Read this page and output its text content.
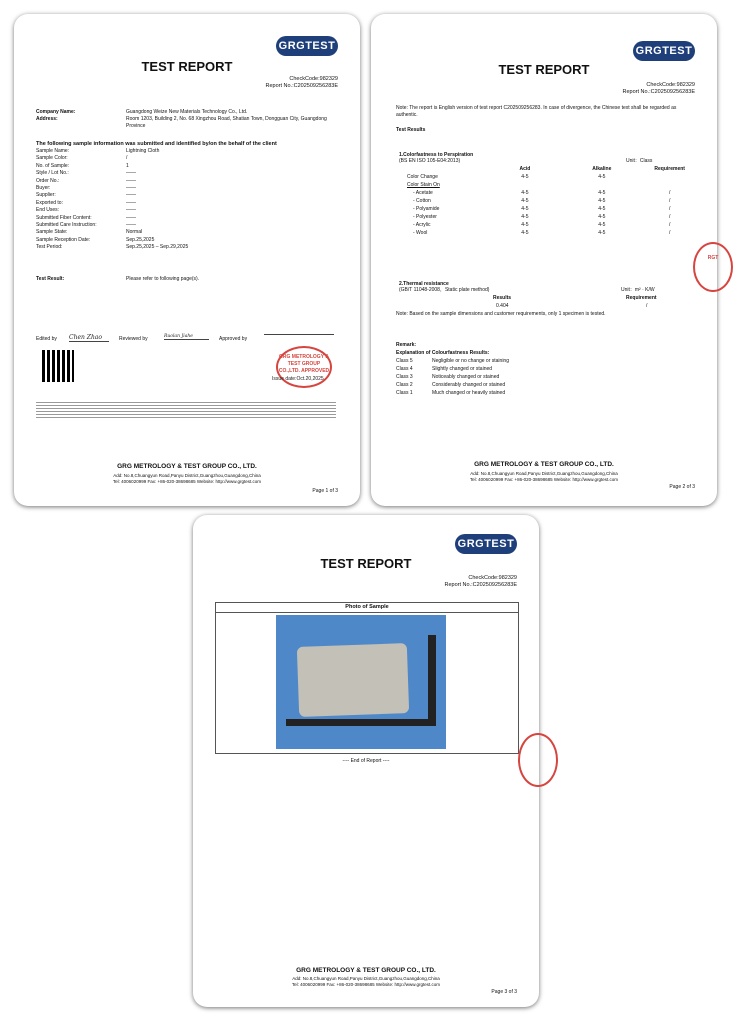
GRGTEST
TEST REPORT
CheckCode:982329
Report No.:C202509256283E
Company Name:	Guangdong Weize New Materials Technology Co., Ltd.
Address:	Room 1203, Building 2, No. 68 Xingzhou Road, Shatian Town, Dongguan City, Guangdong Province
The following sample information was submitted and identified by/on the behalf of the client
Sample Name:	Lightning Cloth
Sample Color:	/
No. of Sample:	1
Style / Lot No.:	——
Order No.:	——
Buyer:	——
Supplier:	——
Exported to:	——
End Uses:	——
Submitted Fiber Content:	——
Submitted Care Instruction:	——
Sample State:	Normal
Sample Reception Date:	Sep.25,2025
Test Period:	Sep.25,2025 – Sep.29,2025
Test Result:	Please refer to following page(s).
Edited by Chen Zhao	Reviewed by	Ruolan Jiahe	Approved by
GRG METROLOGY & TEST GROUP CO.,LTD. APPROVED
Issue date:Oct.20,2025
GRG METROLOGY & TEST GROUP CO., LTD.
Add: No.8,Chuangyun Road,Panyu District,Guangzhou,Guangdong,China
Tel: 4006020999 Fax: +86-020-38698685 Website: http://www.grgtest.com
Page 1 of 3
GRGTEST
TEST REPORT
CheckCode:982329
Report No.:C202509256283E
Note: The report is English version of test report C202509256283. In case of divergence, the Chinese text shall be regarded as authentic.
Test Results
1.Colorfastness to Perspiration
(BS EN ISO 105-E04:2013)	Unit：Class
	Acid	Alkaline	Requirement
Color Change	4-5	4-5	
Color Stain On			
- Acetate	4-5	4-5	/
- Cotton	4-5	4-5	/
- Polyamide	4-5	4-5	/
- Polyester	4-5	4-5	/
- Acrylic	4-5	4-5	/
- Wool	4-5	4-5	/
2.Thermal resistance
(GB/T 11048-2008，Static plate method)	Unit：m² · K/W
Results	Requirement
0.404	/
Note: Based on the sample dimensions and customer requirements, only 1 specimen is tested.
Remark:
Explanation of Colourfastness Results:
Class 5	Negligible or no change or staining
Class 4	Slightly changed or stained
Class 3	Noticeably changed or stained
Class 2	Considerably changed or stained
Class 1	Much changed or heavily stained
RGT
GRG METROLOGY & TEST GROUP CO., LTD.
Add: No.8,Chuangyun Road,Panyu District,Guangzhou,Guangdong,China
Tel: 4006020999 Fax: +86-020-38698685 Website: http://www.grgtest.com
Page 2 of 3
GRGTEST
TEST REPORT
CheckCode:982329
Report No.:C202509256283E
Photo of Sample
---- End of Report ----
GRG METROLOGY & TEST GROUP CO., LTD.
Add: No.8,Chuangyun Road,Panyu District,Guangzhou,Guangdong,China
Tel: 4006020999 Fax: +86-020-38698685 Website: http://www.grgtest.com
Page 3 of 3
